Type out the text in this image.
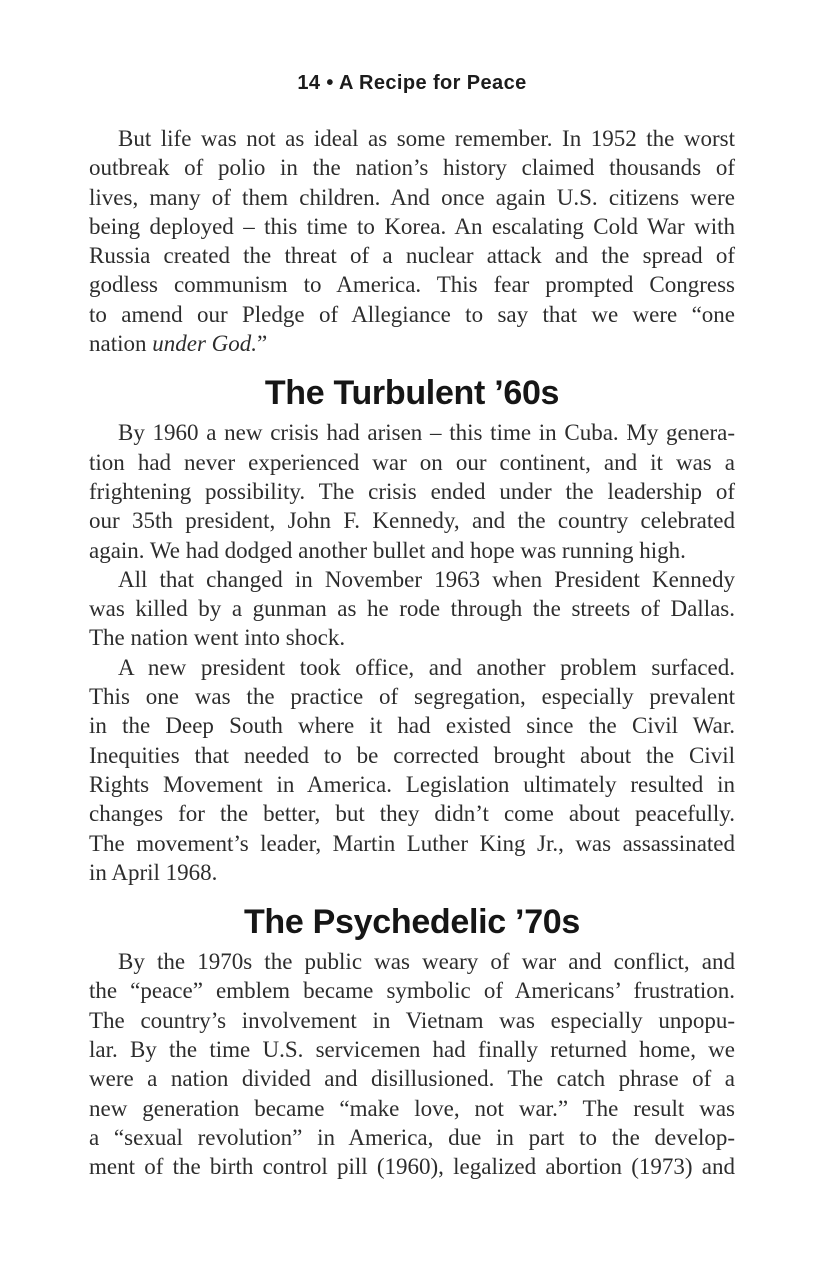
14 • A Recipe for Peace
But life was not as ideal as some remember. In 1952 the worst
outbreak of polio in the nation’s history claimed thousands of
lives, many of them children. And once again U.S. citizens were
being deployed – this time to Korea. An escalating Cold War with
Russia created the threat of a nuclear attack and the spread of
godless communism to America. This fear prompted Congress
to amend our Pledge of Allegiance to say that we were “one
nation under God.”
The Turbulent ’60s
By 1960 a new crisis had arisen – this time in Cuba. My genera-
tion had never experienced war on our continent, and it was a
frightening possibility. The crisis ended under the leadership of
our 35th president, John F. Kennedy, and the country celebrated
again. We had dodged another bullet and hope was running high.
All that changed in November 1963 when President Kennedy
was killed by a gunman as he rode through the streets of Dallas.
The nation went into shock.
A new president took office, and another problem surfaced.
This one was the practice of segregation, especially prevalent
in the Deep South where it had existed since the Civil War.
Inequities that needed to be corrected brought about the Civil
Rights Movement in America. Legislation ultimately resulted in
changes for the better, but they didn’t come about peacefully.
The movement’s leader, Martin Luther King Jr., was assassinated
in April 1968.
The Psychedelic ’70s
By the 1970s the public was weary of war and conflict, and
the “peace” emblem became symbolic of Americans’ frustration.
The country’s involvement in Vietnam was especially unpopu-
lar. By the time U.S. servicemen had finally returned home, we
were a nation divided and disillusioned. The catch phrase of a
new generation became “make love, not war.” The result was
a “sexual revolution” in America, due in part to the develop-
ment of the birth control pill (1960), legalized abortion (1973) and
